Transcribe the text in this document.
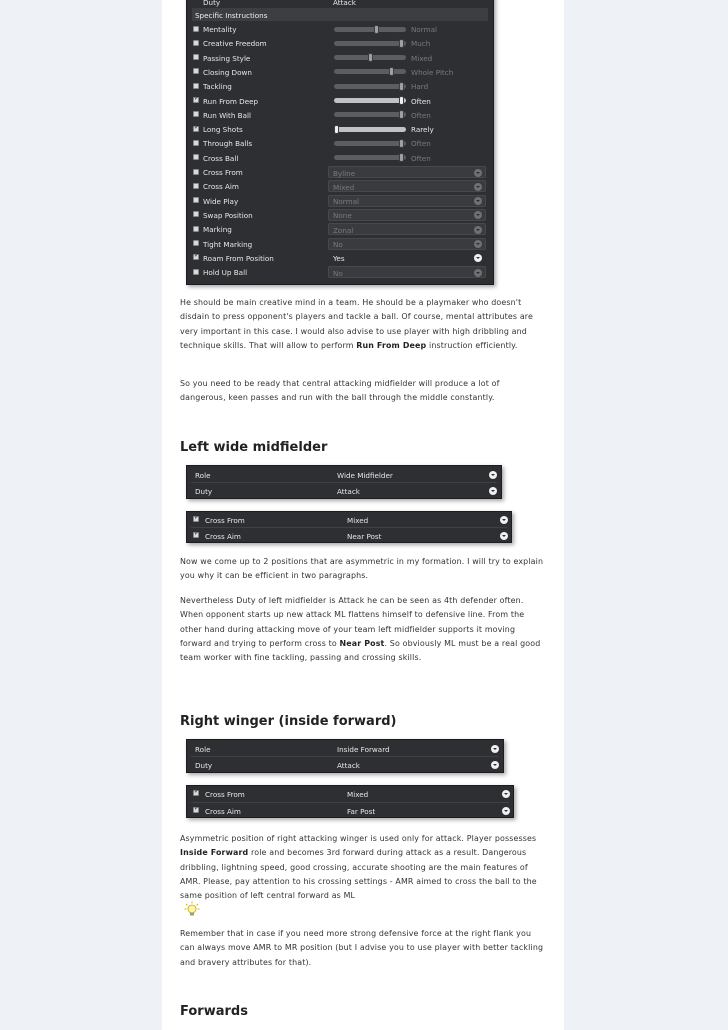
Duty	Attack
Specific Instructions
Mentality	Normal
Creative Freedom	Much
Passing Style	Mixed
Closing Down	Whole Pitch
Tackling	Hard
✓
Run From Deep	Often
Run With Ball	Often
✓
Long Shots	Rarely
Through Balls	Often
Cross Ball	Often
Cross From	Byline
Cross Aim	Mixed
Wide Play	Normal
Swap Position	None
Marking	Zonal
Tight Marking	No
✓
Roam From Position	Yes
Hold Up Ball	No
He should be main creative mind in a team. He should be a playmaker who doesn't disdain to press opponent's players and tackle a ball. Of course, mental attributes are very important in this case. I would also advise to use player with high dribbling and technique skills. That will allow to perform Run From Deep instruction efficiently.
So you need to be ready that central attacking midfielder will produce a lot of dangerous, keen passes and run with the ball through the middle constantly.
Left wide midfielder
Role	Wide Midfielder
Duty	Attack
✓
Cross From	Mixed
✓
Cross Aim	Near Post
Now we come up to 2 positions that are asymmetric in my formation. I will try to explain you why it can be efficient in two paragraphs.
Nevertheless Duty of left midfielder is Attack he can be seen as 4th defender often. When opponent starts up new attack ML flattens himself to defensive line. From the other hand during attacking move of your team left midfielder supports it moving forward and trying to perform cross to Near Post. So obviously ML must be a real good team worker with fine tackling, passing and crossing skills.
Right winger (inside forward)
Role	Inside Forward
Duty	Attack
✓
Cross From	Mixed
✓
Cross Aim	Far Post
Asymmetric position of right attacking winger is used only for attack. Player possesses Inside Forward role and becomes 3rd forward during attack as a result. Dangerous dribbling, lightning speed, good crossing, accurate shooting are the main features of AMR. Please, pay attention to his crossing settings - AMR aimed to cross the ball to the same position of left central forward as ML
Remember that in case if you need more strong defensive force at the right flank you can always move AMR to MR position (but I advise you to use player with better tackling and bravery attributes for that).
Forwards
